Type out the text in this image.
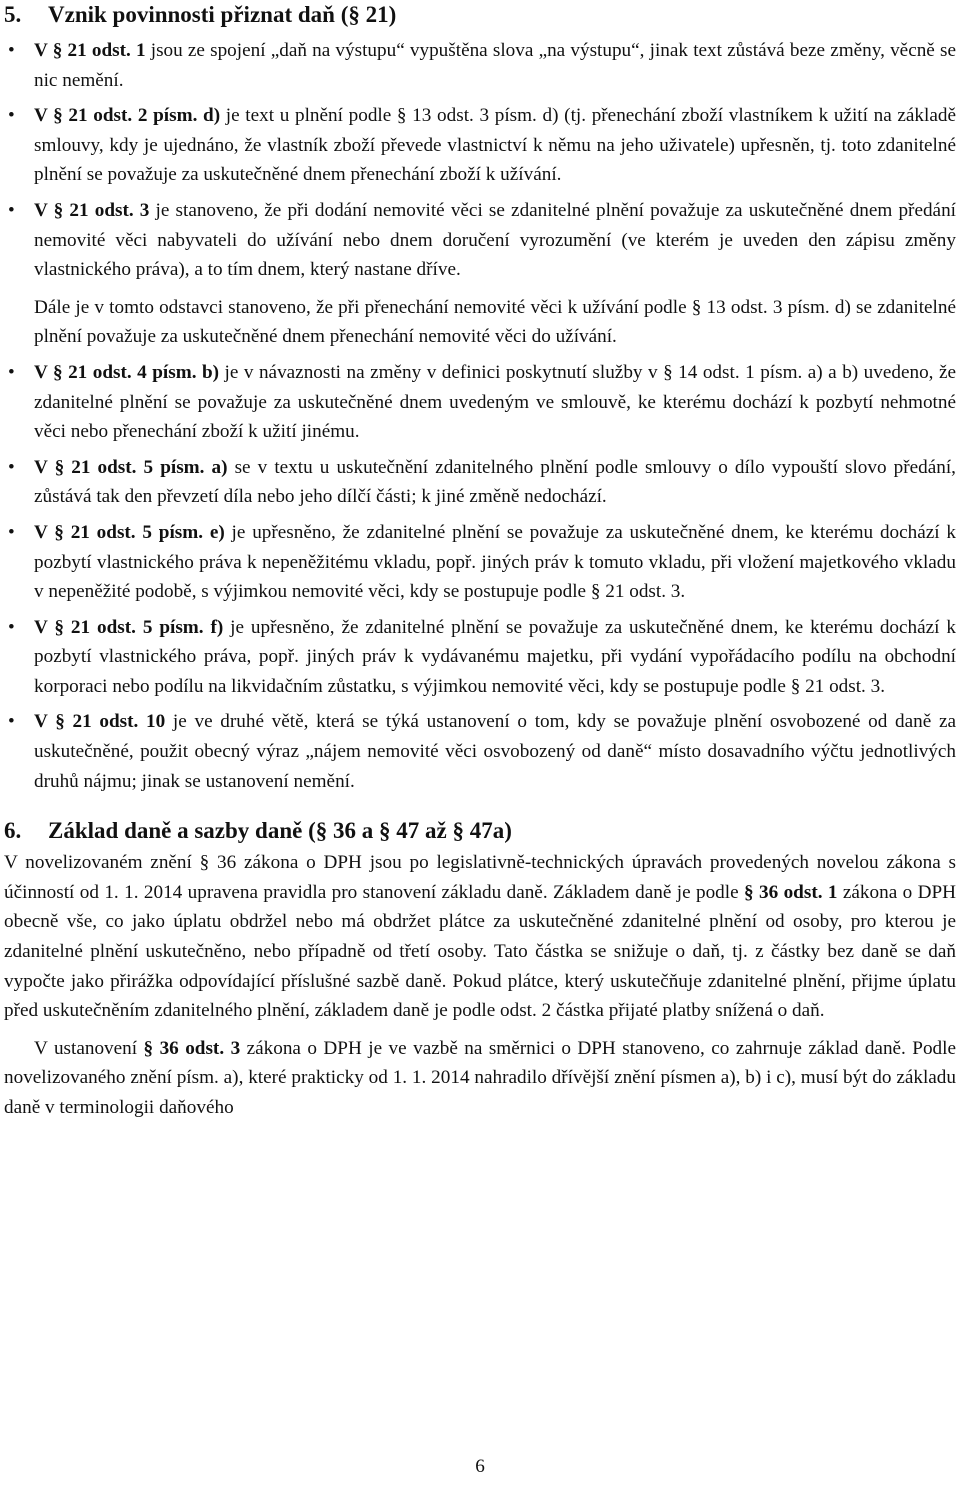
5. Vznik povinnosti přiznat daň (§ 21)
• V § 21 odst. 1 jsou ze spojení „daň na výstupu“ vypuštěna slova „na výstupu“, jinak text zůstává beze změny, věcně se nic nemění.
• V § 21 odst. 2 písm. d) je text u plnění podle § 13 odst. 3 písm. d) (tj. přenechání zboží vlastníkem k užití na základě smlouvy, kdy je ujednáno, že vlastník zboží převede vlastnictví k němu na jeho uživatele) upřesněn, tj. toto zdanitelné plnění se považuje za uskutečněné dnem přenechání zboží k užívání.
• V § 21 odst. 3 je stanoveno, že při dodání nemovité věci se zdanitelné plnění považuje za uskutečněné dnem předání nemovité věci nabyvateli do užívání nebo dnem doručení vyrozumění (ve kterém je uveden den zápisu změny vlastnického práva), a to tím dnem, který nastane dříve.

Dále je v tomto odstavci stanoveno, že při přenechání nemovité věci k užívání podle § 13 odst. 3 písm. d) se zdanitelné plnění považuje za uskutečněné dnem přenechání nemovité věci do užívání.

• V § 21 odst. 4 písm. b) je v návaznosti na změny v definici poskytnutí služby v § 14 odst. 1 písm. a) a b) uvedeno, že zdanitelné plnění se považuje za uskutečněné dnem uvedeným ve smlouvě, ke kterému dochází k pozbytí nehmotné věci nebo přenechání zboží k užití jinému.
• V § 21 odst. 5 písm. a) se v textu u uskutečnění zdanitelného plnění podle smlouvy o dílo vypouští slovo předání, zůstává tak den převzetí díla nebo jeho dílčí části; k jiné změně nedochází.
• V § 21 odst. 5 písm. e) je upřesněno, že zdanitelné plnění se považuje za uskutečněné dnem, ke kterému dochází k pozbytí vlastnického práva k nepeněžitému vkladu, popř. jiných práv k tomuto vkladu, při vložení majetkového vkladu v nepeněžité podobě, s výjimkou nemovité věci, kdy se postupuje podle § 21 odst. 3.
• V § 21 odst. 5 písm. f) je upřesněno, že zdanitelné plnění se považuje za uskutečněné dnem, ke kterému dochází k pozbytí vlastnického práva, popř. jiných práv k vydávanému majetku, při vydání vypořádacího podílu na obchodní korporaci nebo podílu na likvidačním zůstatku, s výjimkou nemovité věci, kdy se postupuje podle § 21 odst. 3.
• V § 21 odst. 10 je ve druhé větě, která se týká ustanovení o tom, kdy se považuje plnění osvobozené od daně za uskutečněné, použit obecný výraz „nájem nemovité věci osvobozený od daně“ místo dosavadního výčtu jednotlivých druhů nájmu; jinak se ustanovení nemění.
6. Základ daně a sazby daně (§ 36 a § 47 až § 47a)

V novelizovaném znění § 36 zákona o DPH jsou po legislativně-technických úpravách provedených novelou zákona s účinností od 1. 1. 2014 upravena pravidla pro stanovení základu daně. Základem daně je podle § 36 odst. 1 zákona o DPH obecně vše, co jako úplatu obdržel nebo má obdržet plátce za uskutečněné zdanitelné plnění od osoby, pro kterou je zdanitelné plnění uskutečněno, nebo případně od třetí osoby. Tato částka se snižuje o daň, tj. z částky bez daně se daň vypočte jako přirážka odpovídající příslušné sazbě daně. Pokud plátce, který uskutečňuje zdanitelné plnění, přijme úplatu před uskutečněním zdanitelného plnění, základem daně je podle odst. 2 částka přijaté platby snížená o daň.

V ustanovení § 36 odst. 3 zákona o DPH je ve vazbě na směrnici o DPH stanoveno, co zahrnuje základ daně. Podle novelizovaného znění písm. a), které prakticky od 1. 1. 2014 nahradilo dřívější znění písmen a), b) i c), musí být do základu daně v terminologii daňového

6
